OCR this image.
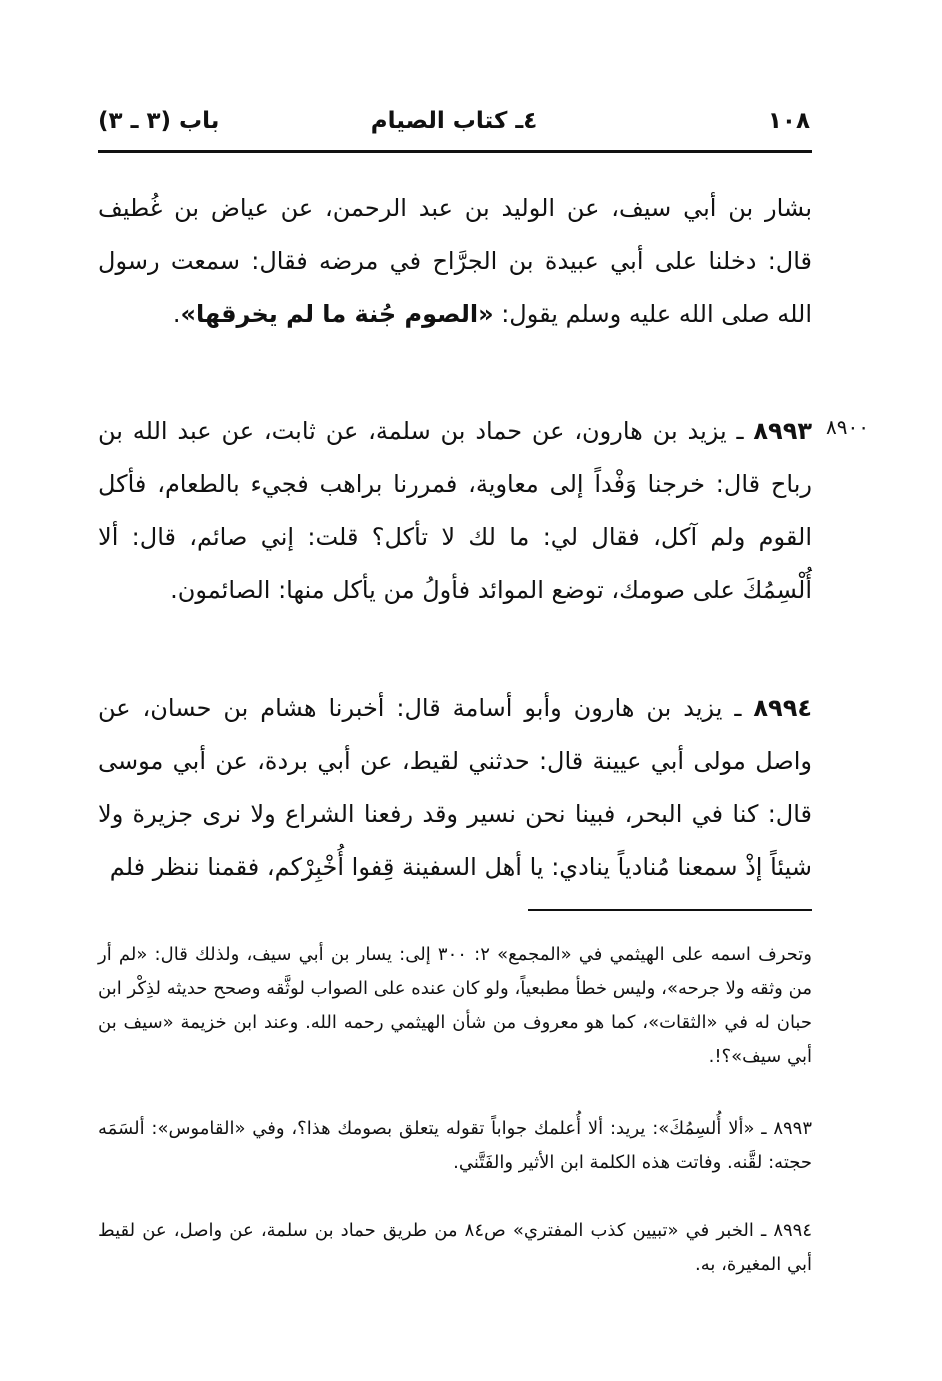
١٠٨
٤ـ كتاب الصيام
باب (٣ ـ ٣)
بشار بن أبي سيف، عن الوليد بن عبد الرحمن، عن عياض بن غُطيف قال: دخلنا على أبي عبيدة بن الجرَّاح في مرضه فقال: سمعت رسول الله صلى الله عليه وسلم يقول: «الصوم جُنة ما لم يخرقها».
٨٩٠٠
٨٩٩٣ ـ يزيد بن هارون، عن حماد بن سلمة، عن ثابت، عن عبد الله بن رباح قال: خرجنا وَفْداً إلى معاوية، فمررنا براهب فجيء بالطعام، فأكل القوم ولم آكل، فقال لي: ما لك لا تأكل؟ قلت: إني صائم، قال: ألا أُلْسِمُكَ على صومك، توضع الموائد فأولُ من يأكل منها: الصائمون.
٨٩٩٤ ـ يزيد بن هارون وأبو أسامة قال: أخبرنا هشام بن حسان، عن واصل مولى أبي عيينة قال: حدثني لقيط، عن أبي بردة، عن أبي موسى قال: كنا في البحر، فبينا نحن نسير وقد رفعنا الشراع ولا نرى جزيرة ولا شيئاً إذْ سمعنا مُنادياً ينادي: يا أهل السفينة قِفوا أُخْبِرْكم، فقمنا ننظر فلم
وتحرف اسمه على الهيثمي في «المجمع» ٢: ٣٠٠ إلى: يسار بن أبي سيف، ولذلك قال: «لم أر من وثقه ولا جرحه»، وليس خطأ مطبعياً، ولو كان عنده على الصواب لوثَّقه وصحح حديثه لذِكْر ابن حبان له في «الثقات»، كما هو معروف من شأن الهيثمي رحمه الله. وعند ابن خزيمة «سيف بن أبي سيف»؟!.
٨٩٩٣ ـ «ألا أُلسِمُكَ»: يريد: ألا أُعلمك جواباً تقوله يتعلق بصومك هذا؟، وفي «القاموس»: ألسَمَه حجته: لقَّنه. وفاتت هذه الكلمة ابن الأثير والفَتَّني.
٨٩٩٤ ـ الخبر في «تبيين كذب المفتري» ص٨٤ من طريق حماد بن سلمة، عن واصل، عن لقيط أبي المغيرة، به.
